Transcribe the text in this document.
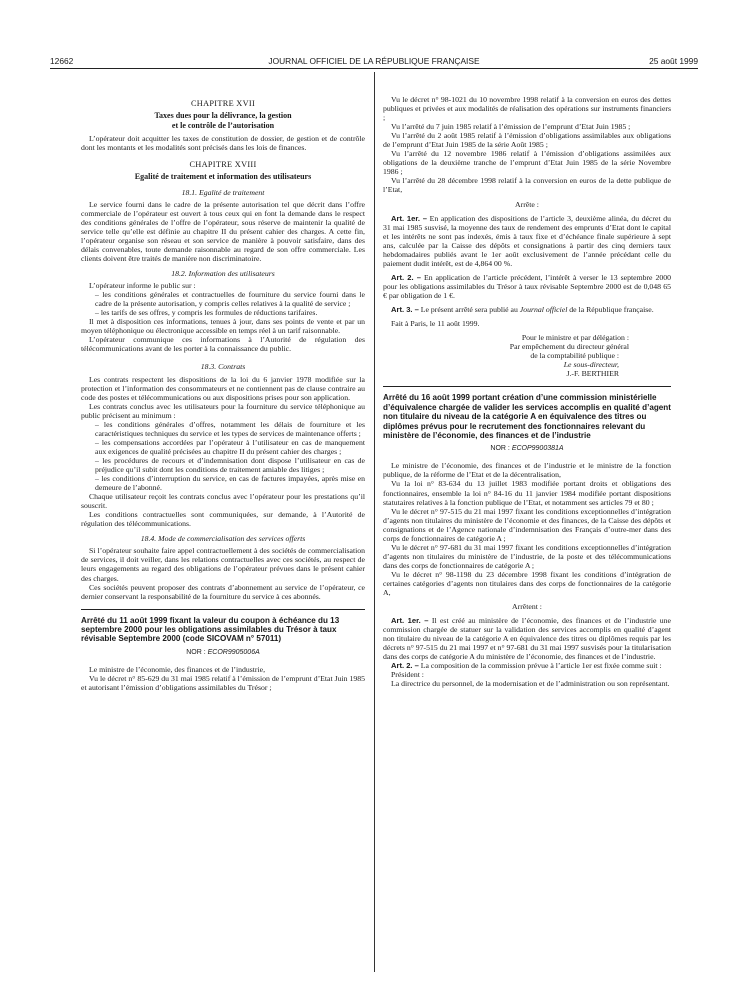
12662	JOURNAL OFFICIEL DE LA RÉPUBLIQUE FRANÇAISE	25 août 1999
CHAPITRE XVII
Taxes dues pour la délivrance, la gestion
et le contrôle de l’autorisation

L’opérateur doit acquitter les taxes de constitution de dossier, de gestion et de contrôle dont les montants et les modalités sont précisés dans les lois de finances.

CHAPITRE XVIII
Egalité de traitement et information des utilisateurs
18.1. Egalité de traitement

Le service fourni dans le cadre de la présente autorisation tel que décrit dans l’offre commerciale de l’opérateur est ouvert à tous ceux qui en font la demande dans le respect des conditions générales de l’offre de l’opérateur, sous réserve de maintenir la qualité de service telle qu’elle est définie au chapitre II du présent cahier des charges. A cette fin, l’opérateur organise son réseau et son service de manière à pouvoir satisfaire, dans des délais convenables, toute demande raisonnable au regard de son offre commerciale. Les clients doivent être traités de manière non discriminatoire.

18.2. Information des utilisateurs

L’opérateur informe le public sur :

– les conditions générales et contractuelles de fourniture du service fourni dans le cadre de la présente autorisation, y compris celles relatives à la qualité de service ;

– les tarifs de ses offres, y compris les formules de réductions tarifaires.

Il met à disposition ces informations, tenues à jour, dans ses points de vente et par un moyen téléphonique ou électronique accessible en temps réel à un tarif raisonnable.

L’opérateur communique ces informations à l’Autorité de régulation des télécommunications avant de les porter à la connaissance du public.

18.3. Contrats

Les contrats respectent les dispositions de la loi du 6 janvier 1978 modifiée sur la protection et l’information des consommateurs et ne contiennent pas de clause contraire au code des postes et télécommunications ou aux dispositions prises pour son application.

Les contrats conclus avec les utilisateurs pour la fourniture du service téléphonique au public précisent au minimum :

– les conditions générales d’offres, notamment les délais de fourniture et les caractéristiques techniques du service et les types de services de maintenance offerts ;

– les compensations accordées par l’opérateur à l’utilisateur en cas de manquement aux exigences de qualité précisées au chapitre II du présent cahier des charges ;

– les procédures de recours et d’indemnisation dont dispose l’utilisateur en cas de préjudice qu’il subit dont les conditions de traitement amiable des litiges ;

– les conditions d’interruption du service, en cas de factures impayées, après mise en demeure de l’abonné.

Chaque utilisateur reçoit les contrats conclus avec l’opérateur pour les prestations qu’il souscrit.

Les conditions contractuelles sont communiquées, sur demande, à l’Autorité de régulation des télécommunications.

18.4. Mode de commercialisation des services offerts

Si l’opérateur souhaite faire appel contractuellement à des sociétés de commercialisation de services, il doit veiller, dans les relations contractuelles avec ces sociétés, au respect de leurs engagements au regard des obligations de l’opérateur prévues dans le présent cahier des charges.

Ces sociétés peuvent proposer des contrats d’abonnement au service de l’opérateur, ce dernier conservant la responsabilité de la fourniture du service à ces abonnés.

Arrêté du 11 août 1999 fixant la valeur du coupon à échéance du 13 septembre 2000 pour les obligations assimilables du Trésor à taux révisable Septembre 2000 (code SICOVAM n° 57011)
NOR : ECOR9905006A

Le ministre de l’économie, des finances et de l’industrie,

Vu le décret n° 85-629 du 31 mai 1985 relatif à l’émission de l’emprunt d’Etat Juin 1985 et autorisant l’émission d’obligations assimilables du Trésor ;

Vu le décret n° 98-1021 du 10 novembre 1998 relatif à la conversion en euros des dettes publiques et privées et aux modalités de réalisation des opérations sur instruments financiers ;

Vu l’arrêté du 7 juin 1985 relatif à l’émission de l’emprunt d’Etat Juin 1985 ;

Vu l’arrêté du 2 août 1985 relatif à l’émission d’obligations assimilables aux obligations de l’emprunt d’Etat Juin 1985 de la série Août 1985 ;

Vu l’arrêté du 12 novembre 1986 relatif à l’émission d’obligations assimilées aux obligations de la deuxième tranche de l’emprunt d’Etat Juin 1985 de la série Novembre 1986 ;

Vu l’arrêté du 28 décembre 1998 relatif à la conversion en euros de la dette publique de l’Etat,

Arrête :

Art. 1er. – En application des dispositions de l’article 3, deuxième alinéa, du décret du 31 mai 1985 susvisé, la moyenne des taux de rendement des emprunts d’Etat dont le capital et les intérêts ne sont pas indexés, émis à taux fixe et d’échéance finale supérieure à sept ans, calculée par la Caisse des dépôts et consignations à partir des cinq derniers taux hebdomadaires publiés avant le 1er août exclusivement de l’année précédant celle du paiement dudit intérêt, est de 4,864 00 %.

Art. 2. – En application de l’article précédent, l’intérêt à verser le 13 septembre 2000 pour les obligations assimilables du Trésor à taux révisable Septembre 2000 est de 0,048 65 € par obligation de 1 €.

Art. 3. – Le présent arrêté sera publié au Journal officiel de la République française.

Fait à Paris, le 11 août 1999.

Pour le ministre et par délégation :

Par empêchement du directeur général

de la comptabilité publique :

Le sous-directeur,

J.-F. BERTHIER

Arrêté du 16 août 1999 portant création d’une commission ministérielle d’équivalence chargée de valider les services accomplis en qualité d’agent non titulaire du niveau de la catégorie A en équivalence des titres ou diplômes prévus pour le recrutement des fonctionnaires relevant du ministère de l’économie, des finances et de l’industrie
NOR : ECOP9900381A

Le ministre de l’économie, des finances et de l’industrie et le ministre de la fonction publique, de la réforme de l’Etat et de la décentralisation,

Vu la loi n° 83-634 du 13 juillet 1983 modifiée portant droits et obligations des fonctionnaires, ensemble la loi n° 84-16 du 11 janvier 1984 modifiée portant dispositions statutaires relatives à la fonction publique de l’Etat, et notamment ses articles 79 et 80 ;

Vu le décret n° 97-515 du 21 mai 1997 fixant les conditions exceptionnelles d’intégration d’agents non titulaires du ministère de l’économie et des finances, de la Caisse des dépôts et consignations et de l’Agence nationale d’indemnisation des Français d’outre-mer dans des corps de fonctionnaires de catégorie A ;

Vu le décret n° 97-681 du 31 mai 1997 fixant les conditions exceptionnelles d’intégration d’agents non titulaires du ministère de l’industrie, de la poste et des télécommunications dans des corps de fonctionnaires de catégorie A ;

Vu le décret n° 98-1198 du 23 décembre 1998 fixant les conditions d’intégration de certaines catégories d’agents non titulaires dans des corps de fonctionnaires de la catégorie A,

Arrêtent :

Art. 1er. – Il est créé au ministère de l’économie, des finances et de l’industrie une commission chargée de statuer sur la validation des services accomplis en qualité d’agent non titulaire du niveau de la catégorie A en équivalence des titres ou diplômes requis par les décrets n° 97-515 du 21 mai 1997 et n° 97-681 du 31 mai 1997 susvisés pour la titularisation dans des corps de catégorie A du ministère de l’économie, des finances et de l’industrie.

Art. 2. – La composition de la commission prévue à l’article 1er est fixée comme suit :

Président :

La directrice du personnel, de la modernisation et de l’administration ou son représentant.
